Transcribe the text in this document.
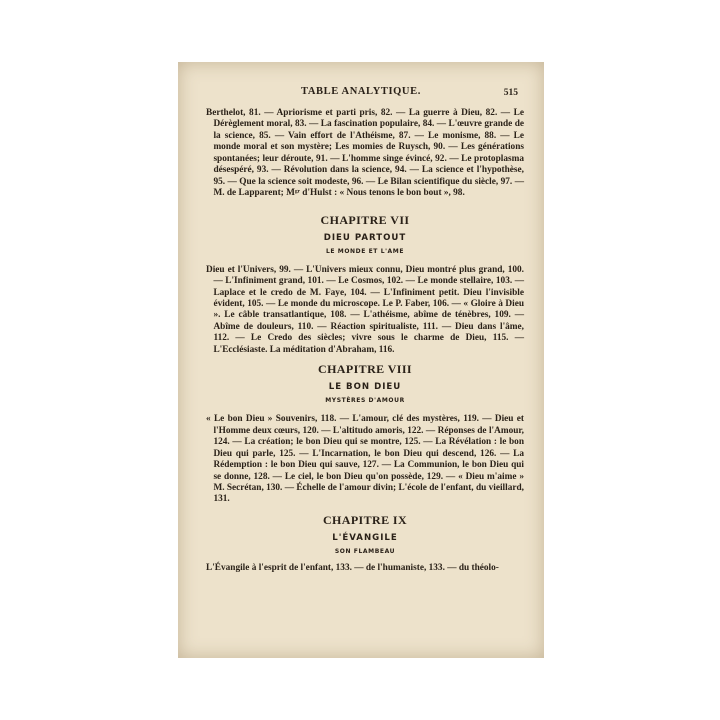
TABLE ANALYTIQUE.	515

Berthelot, 81. — Apriorisme et parti pris, 82. — La guerre à Dieu, 82. — Le Dérèglement moral, 83. — La fascination populaire, 84. — L'œuvre grande de la science, 85. — Vain effort de l'Athéisme, 87. — Le monisme, 88. — Le monde moral et son mystère; Les momies de Ruysch, 90. — Les générations spontanées; leur déroute, 91. — L'homme singe évincé, 92. — Le protoplasma désespéré, 93. — Révolution dans la science, 94. — La science et l'hypothèse, 95. — Que la science soit modeste, 96. — Le Bilan scientifique du siècle, 97. — M. de Lapparent; Mᵍʳ d'Hulst : « Nous tenons le bon bout », 98.

CHAPITRE VII

DIEU PARTOUT

LE MONDE ET L'AME

Dieu et l'Univers, 99. — L'Univers mieux connu, Dieu montré plus grand, 100. — L'Infiniment grand, 101. — Le Cosmos, 102. — Le monde stellaire, 103. — Laplace et le credo de M. Faye, 104. — L'Infiniment petit. Dieu l'invisible évident, 105. — Le monde du microscope. Le P. Faber, 106. — « Gloire à Dieu ». Le câble transatlantique, 108. — L'athéisme, abîme de ténèbres, 109. — Abîme de douleurs, 110. — Réaction spiritualiste, 111. — Dieu dans l'âme, 112. — Le Credo des siècles; vivre sous le charme de Dieu, 115. — L'Ecclésiaste. La méditation d'Abraham, 116.

CHAPITRE VIII

LE BON DIEU

MYSTÈRES D'AMOUR

« Le bon Dieu » Souvenirs, 118. — L'amour, clé des mystères, 119. — Dieu et l'Homme deux cœurs, 120. — L'altitudo amoris, 122. — Réponses de l'Amour, 124. — La création; le bon Dieu qui se montre, 125. — La Révélation : le bon Dieu qui parle, 125. — L'Incarnation, le bon Dieu qui descend, 126. — La Rédemption : le bon Dieu qui sauve, 127. — La Communion, le bon Dieu qui se donne, 128. — Le ciel, le bon Dieu qu'on possède, 129. — « Dieu m'aime » M. Secrétan, 130. — Échelle de l'amour divin; L'école de l'enfant, du vieillard, 131.

CHAPITRE IX

L'ÉVANGILE

SON FLAMBEAU

L'Évangile à l'esprit de l'enfant, 133. — de l'humaniste, 133. — du théolo-
